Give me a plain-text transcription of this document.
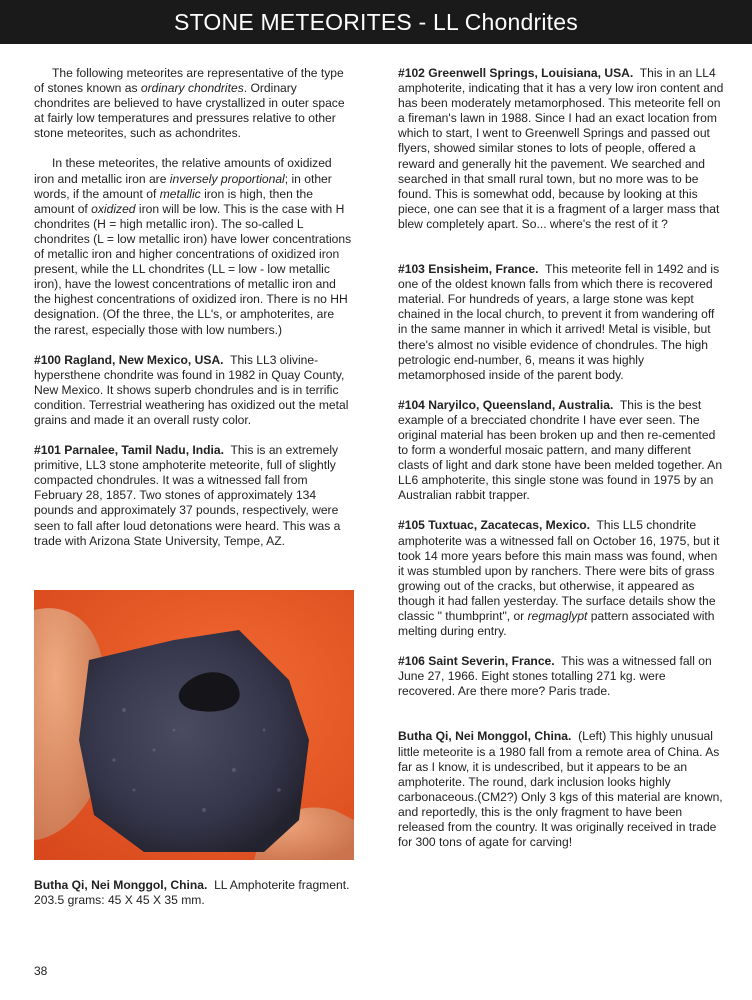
STONE METEORITES - LL Chondrites

The following meteorites are representative of the type of stones known as ordinary chondrites. Ordinary chondrites are believed to have crystallized in outer space at fairly low temperatures and pressures relative to other stone meteorites, such as achondrites.

In these meteorites, the relative amounts of oxidized iron and metallic iron are inversely proportional; in other words, if the amount of metallic iron is high, then the amount of oxidized iron will be low. This is the case with H chondrites (H = high metallic iron). The so-called L chondrites (L = low metallic iron) have lower concentrations of metallic iron and higher concentrations of oxidized iron present, while the LL chondrites (LL = low - low metallic iron), have the lowest concentrations of metallic iron and the highest concentrations of oxidized iron. There is no HH designation. (Of the three, the LL's, or amphoterites, are the rarest, especially those with low numbers.)

#100 Ragland, New Mexico, USA. This LL3 olivine-hypersthene chondrite was found in 1982 in Quay County, New Mexico. It shows superb chondrules and is in terrific condition. Terrestrial weathering has oxidized out the metal grains and made it an overall rusty color.

#101 Parnalee, Tamil Nadu, India. This is an extremely primitive, LL3 stone amphoterite meteorite, full of slightly compacted chondrules. It was a witnessed fall from February 28, 1857. Two stones of approximately 134 pounds and approximately 37 pounds, respectively, were seen to fall after loud detonations were heard. This was a trade with Arizona State University, Tempe, AZ.

Butha Qi, Nei Monggol, China. LL Amphoterite fragment. 203.5 grams: 45 X 45 X 35 mm.

#102 Greenwell Springs, Louisiana, USA. This in an LL4 amphoterite, indicating that it has a very low iron content and has been moderately metamorphosed. This meteorite fell on a fireman's lawn in 1988. Since I had an exact location from which to start, I went to Greenwell Springs and passed out flyers, showed similar stones to lots of people, offered a reward and generally hit the pavement. We searched and searched in that small rural town, but no more was to be found. This is somewhat odd, because by looking at this piece, one can see that it is a fragment of a larger mass that blew completely apart. So... where's the rest of it ?

#103 Ensisheim, France. This meteorite fell in 1492 and is one of the oldest known falls from which there is recovered material. For hundreds of years, a large stone was kept chained in the local church, to prevent it from wandering off in the same manner in which it arrived! Metal is visible, but there's almost no visible evidence of chondrules. The high petrologic end-number, 6, means it was highly metamorphosed inside of the parent body.

#104 Naryilco, Queensland, Australia. This is the best example of a brecciated chondrite I have ever seen. The original material has been broken up and then re-cemented to form a wonderful mosaic pattern, and many different clasts of light and dark stone have been melded together. An LL6 amphoterite, this single stone was found in 1975 by an Australian rabbit trapper.

#105 Tuxtuac, Zacatecas, Mexico. This LL5 chondrite amphoterite was a witnessed fall on October 16, 1975, but it took 14 more years before this main mass was found, when it was stumbled upon by ranchers. There were bits of grass growing out of the cracks, but otherwise, it appeared as though it had fallen yesterday. The surface details show the classic " thumbprint", or regmaglypt pattern associated with melting during entry.

#106 Saint Severin, France. This was a witnessed fall on June 27, 1966. Eight stones totalling 271 kg. were recovered. Are there more? Paris trade.

Butha Qi, Nei Monggol, China. (Left) This highly unusual little meteorite is a 1980 fall from a remote area of China. As far as I know, it is undescribed, but it appears to be an amphoterite. The round, dark inclusion looks highly carbonaceous.(CM2?) Only 3 kgs of this material are known, and reportedly, this is the only fragment to have been released from the country. It was originally received in trade for 300 tons of agate for carving!

38
